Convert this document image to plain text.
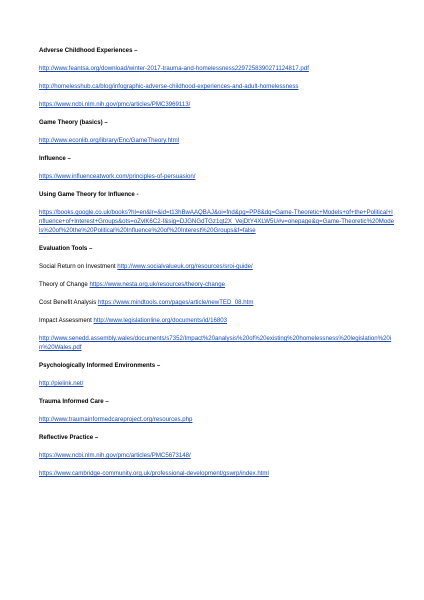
Adverse Childhood Experiences –
http://www.feantsa.org/download/winter-2017-trauma-and-homelessness2297258390271124817.pdf
http://homelesshub.ca/blog/infographic-adverse-childhood-experiences-and-adult-homelessness
https://www.ncbi.nlm.nih.gov/pmc/articles/PMC3969113/
Game Theory (basics) –
http://www.econlib.org/library/Enc/GameTheory.html
Influence –
https://www.influenceatwork.com/principles-of-persuasion/
Using Game Theory for Influence -
https://books.google.co.uk/books?hl=en&lr=&id=t13hBwAAQBAJ&oi=fnd&pg=PP8&dq=Game-Theoretic+Models+of+the+Political+Influence+of+Interest+Groups&ots=oZvlK6C2-f&sig=DJGNGdTGz1qt2X_VejDtY4XLW5U#v=onepage&q=Game-Theoretic%20Models%20of%20the%20Political%20Influence%20of%20Interest%20Groups&f=false
Evaluation Tools –
Social Return on Investment http://www.socialvalueuk.org/resources/sroi-guide/
Theory of Change https://www.nesta.org.uk/resources/theory-change
Cost Benefit Analysis https://www.mindtools.com/pages/article/newTED_08.htm
Impact Assessment http://www.legislationline.org/documents/id/16803
http://www.senedd.assembly.wales/documents/s7352/Impact%20analysis%20of%20existing%20homelessness%20legislation%20in%20Wales.pdf
Psychologically Informed Environments –
http://pielink.net/
Trauma Informed Care –
http://www.traumainformedcareproject.org/resources.php
Reflective Practice –
https://www.ncbi.nlm.nih.gov/pmc/articles/PMC5673148/
https://www.cambridge-community.org.uk/professional-development/gswrp/index.html
